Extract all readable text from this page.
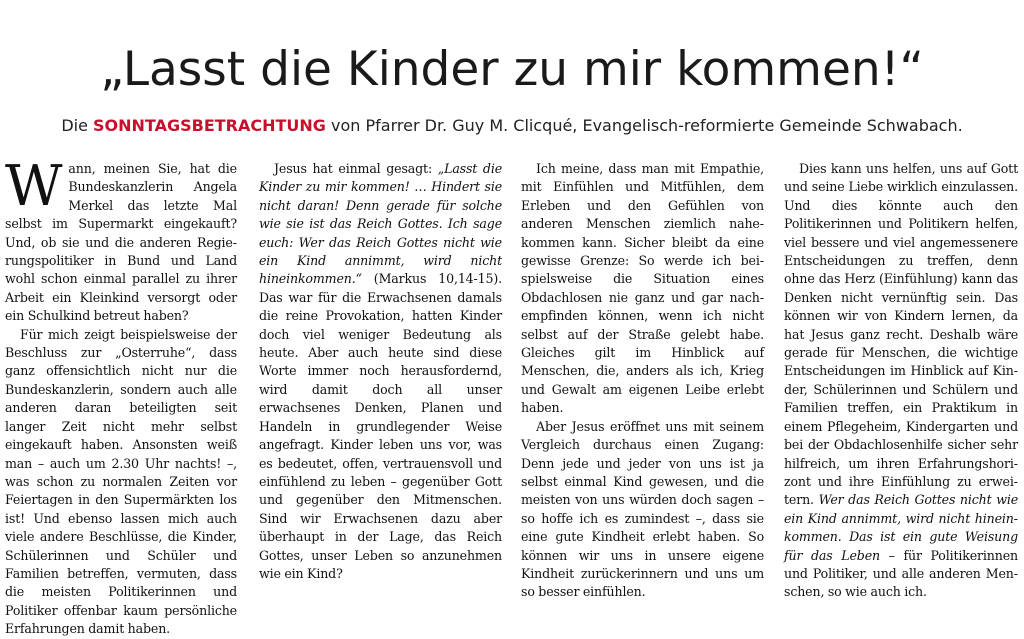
„Lasst die Kinder zu mir kommen!“
Die SONNTAGSBETRACHTUNG von Pfarrer Dr. Guy M. Clicqué, Evangelisch-reformierte Gemeinde Schwabach.

Wann, meinen Sie, hat die Bundeskanzlerin Angela Merkel das letzte Mal selbst im Supermarkt eingekauft? Und, ob sie und die anderen Regierungspolitiker in Bund und Land wohl schon einmal parallel zu ihrer Arbeit ein Kleinkind versorgt oder ein Schulkind betreut haben?

Für mich zeigt beispielsweise der Beschluss zur „Osterruhe“, dass ganz offensichtlich nicht nur die Bundeskanzlerin, sondern auch alle anderen daran beteiligten seit langer Zeit nicht mehr selbst eingekauft haben. Ansonsten weiß man – auch um 2.30 Uhr nachts! –, was schon zu normalen Zeiten vor Feiertagen in den Supermärkten los ist! Und ebenso lassen mich auch viele andere Beschlüsse, die Kinder, Schülerinnen und Schüler und Familien betreffen, vermuten, dass die meisten Politikerinnen und Politiker offenbar kaum persönliche Erfahrungen damit haben.

Jesus hat einmal gesagt: „Lasst die Kinder zu mir kommen! … Hindert sie nicht daran! Denn gerade für solche wie sie ist das Reich Gottes. Ich sage euch: Wer das Reich Gottes nicht wie ein Kind annimmt, wird nicht hineinkommen.“ (Markus 10,14-15). Das war für die Erwachsenen damals die reine Provokation, hatten Kinder doch viel weniger Bedeutung als heute. Aber auch heute sind diese Worte immer noch herausfordernd, wird damit doch all unser erwachsenes Denken, Planen und Handeln in grundlegender Weise angefragt. Kinder leben uns vor, was es bedeutet, offen, vertrauensvoll und einfühlend zu leben – gegenüber Gott und gegenüber den Mitmenschen. Sind wir Erwachsenen dazu aber überhaupt in der Lage, das Reich Gottes, unser Leben so anzunehmen wie ein Kind?

Ich meine, dass man mit Empathie, mit Einfühlen und Mitfühlen, dem Erleben und den Gefühlen von anderen Menschen ziemlich nahekommen kann. Sicher bleibt da eine gewisse Grenze: So werde ich beispielsweise die Situation eines Obdachlosen nie ganz und gar nachempfinden können, wenn ich nicht selbst auf der Straße gelebt habe. Gleiches gilt im Hinblick auf Menschen, die, anders als ich, Krieg und Gewalt am eigenen Leibe erlebt haben.

Aber Jesus eröffnet uns mit seinem Vergleich durchaus einen Zugang: Denn jede und jeder von uns ist ja selbst einmal Kind gewesen, und die meisten von uns würden doch sagen – so hoffe ich es zumindest –, dass sie eine gute Kindheit erlebt haben. So können wir uns in unsere eigene Kindheit zurückerinnern und uns um so besser einfühlen.

Dies kann uns helfen, uns auf Gott und seine Liebe wirklich einzulassen. Und dies könnte auch den Politikerinnen und Politikern helfen, viel bessere und viel angemessenere Entscheidungen zu treffen, denn ohne das Herz (Einfühlung) kann das Denken nicht vernünftig sein. Das können wir von Kindern lernen, da hat Jesus ganz recht. Deshalb wäre gerade für Menschen, die wichtige Entscheidungen im Hinblick auf Kinder, Schülerinnen und Schülern und Familien treffen, ein Praktikum in einem Pflegeheim, Kindergarten und bei der Obdachlosenhilfe sicher sehr hilfreich, um ihren Erfahrungshorizont und ihre Einfühlung zu erweitern. Wer das Reich Gottes nicht wie ein Kind annimmt, wird nicht hineinkommen. Das ist ein gute Weisung für das Leben – für Politikerinnen und Politiker, und alle anderen Menschen, so wie auch ich.
